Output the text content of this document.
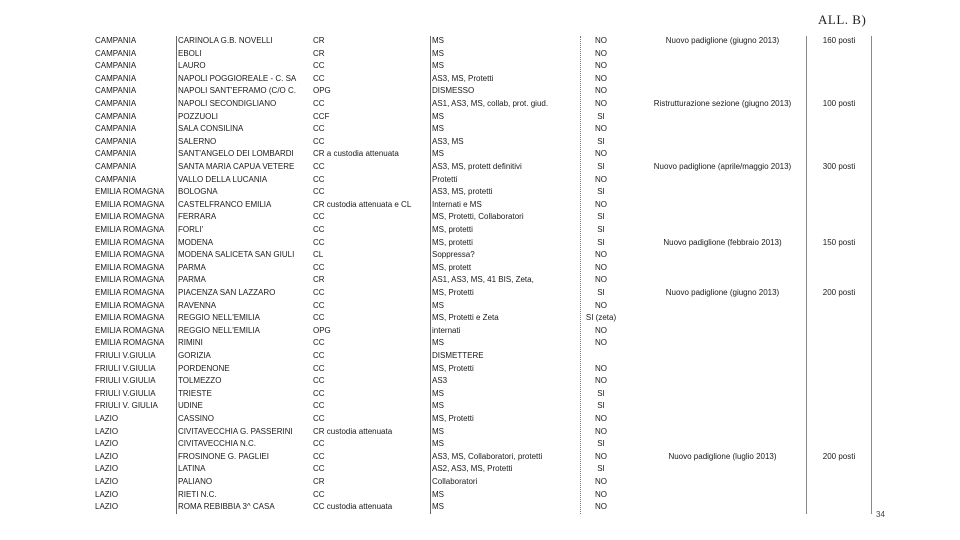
ALL. B)
CAMPANIA	CARINOLA G.B. NOVELLI	CR	MS	NO	Nuovo padiglione (giugno 2013)	160 posti
CAMPANIA	EBOLI	CR	MS	NO
CAMPANIA	LAURO	CC	MS	NO
CAMPANIA	NAPOLI POGGIOREALE - C. SA	CC	AS3, MS, Protetti	NO
CAMPANIA	NAPOLI SANT'EFRAMO (C/O C.	OPG	DISMESSO	NO
CAMPANIA	NAPOLI SECONDIGLIANO	CC	AS1, AS3, MS, collab, prot. giud.	NO	Ristrutturazione sezione (giugno 2013)	100 posti
CAMPANIA	POZZUOLI	CCF	MS	SI
CAMPANIA	SALA CONSILINA	CC	MS	NO
CAMPANIA	SALERNO	CC	AS3, MS	SI
CAMPANIA	SANT'ANGELO DEI LOMBARDI	CR a custodia attenuata	MS	NO
CAMPANIA	SANTA MARIA CAPUA VETERE	CC	AS3, MS, protett definitivi	SI	Nuovo padiglione (aprile/maggio 2013)	300 posti
CAMPANIA	VALLO DELLA LUCANIA	CC	Protetti	NO
EMILIA ROMAGNA	BOLOGNA	CC	AS3, MS, protetti	SI
EMILIA ROMAGNA	CASTELFRANCO EMILIA	CR custodia attenuata e CL	Internati e MS	NO
EMILIA ROMAGNA	FERRARA	CC	MS, Protetti, Collaboratori	SI
EMILIA ROMAGNA	FORLI'	CC	MS, protetti	SI
EMILIA ROMAGNA	MODENA	CC	MS, protetti	SI	Nuovo padiglione (febbraio 2013)	150 posti
EMILIA ROMAGNA	MODENA SALICETA SAN GIULI	CL	Soppressa?	NO
EMILIA ROMAGNA	PARMA	CC	MS, protett	NO
EMILIA ROMAGNA	PARMA	CR	AS1, AS3, MS, 41 BIS, Zeta,	NO
EMILIA ROMAGNA	PIACENZA SAN LAZZARO	CC	MS, Protetti	SI	Nuovo padiglione (giugno 2013)	200 posti
EMILIA ROMAGNA	RAVENNA	CC	MS	NO
EMILIA ROMAGNA	REGGIO NELL'EMILIA	CC	MS, Protetti e Zeta	SI (zeta)
EMILIA ROMAGNA	REGGIO NELL'EMILIA	OPG	internati	NO
EMILIA ROMAGNA	RIMINI	CC	MS	NO
FRIULI V.GIULIA	GORIZIA	CC	DISMETTERE
FRIULI V.GIULIA	PORDENONE	CC	MS, Protetti	NO
FRIULI V.GIULIA	TOLMEZZO	CC	AS3	NO
FRIULI V.GIULIA	TRIESTE	CC	MS	SI
FRIULI V. GIULIA	UDINE	CC	MS	SI
LAZIO	CASSINO	CC	MS, Protetti	NO
LAZIO	CIVITAVECCHIA G. PASSERINI	CR custodia attenuata	MS	NO
LAZIO	CIVITAVECCHIA N.C.	CC	MS	SI
LAZIO	FROSINONE G. PAGLIEI	CC	AS3, MS, Collaboratori, protetti	NO	Nuovo padiglione (luglio 2013)	200 posti
LAZIO	LATINA	CC	AS2, AS3, MS, Protetti	SI
LAZIO	PALIANO	CR	Collaboratori	NO
LAZIO	RIETI N.C.	CC	MS	NO
LAZIO	ROMA REBIBBIA 3^ CASA	CC custodia attenuata	MS	NO
34
